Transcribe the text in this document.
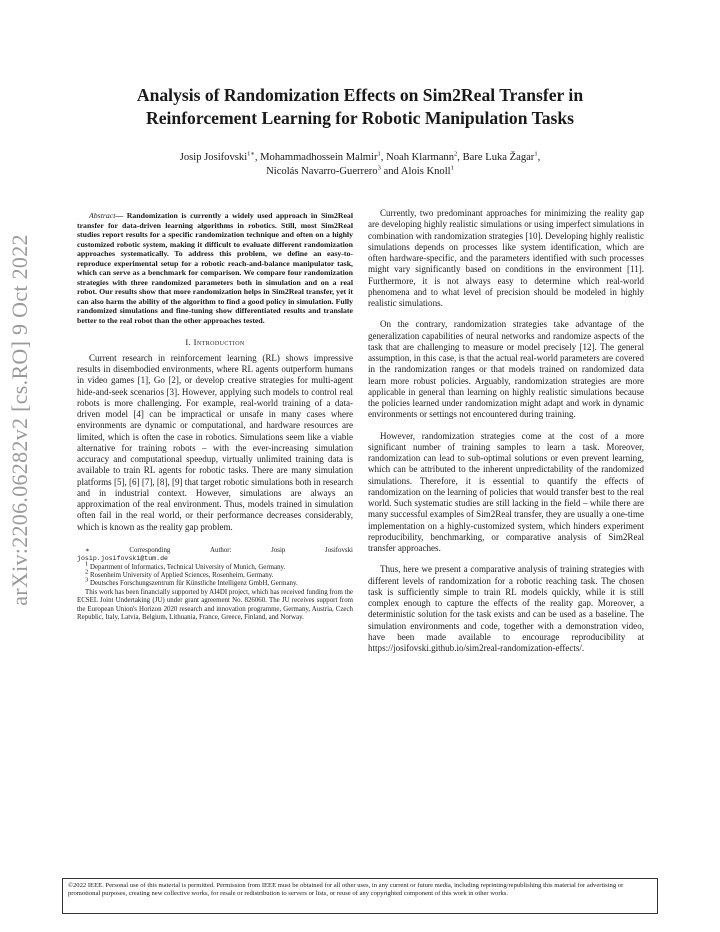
arXiv:2206.06282v2 [cs.RO] 9 Oct 2022
Analysis of Randomization Effects on Sim2Real Transfer in
Reinforcement Learning for Robotic Manipulation Tasks
Josip Josifovski$^{1∗}$, Mohammadhossein Malmir$^1$, Noah Klarmann$^2$, Bare Luka Žagar$^1$,
Nicolás Navarro-Guerrero$^3$ and Alois Knoll$^1$

Abstract— Randomization is currently a widely used approach in Sim2Real transfer for data-driven learning algorithms in robotics. Still, most Sim2Real studies report results for a specific randomization technique and often on a highly customized robotic system, making it difficult to evaluate different randomization approaches systematically. To address this problem, we define an easy-to-reproduce experimental setup for a robotic reach-and-balance manipulator task, which can serve as a benchmark for comparison. We compare four randomization strategies with three randomized parameters both in simulation and on a real robot. Our results show that more randomization helps in Sim2Real transfer, yet it can also harm the ability of the algorithm to find a good policy in simulation. Fully randomized simulations and fine-tuning show differentiated results and translate better to the real robot than the other approaches tested.

I. Introduction

Current research in reinforcement learning (RL) shows impressive results in disembodied environments, where RL agents outperform humans in video games [1], Go [2], or develop creative strategies for multi-agent hide-and-seek scenarios [3]. However, applying such models to control real robots is more challenging. For example, real-world training of a data-driven model [4] can be impractical or unsafe in many cases where environments are dynamic or computational, and hardware resources are limited, which is often the case in robotics. Simulations seem like a viable alternative for training robots – with the ever-increasing simulation accuracy and computational speedup, virtually unlimited training data is available to train RL agents for robotic tasks. There are many simulation platforms [5], [6] [7], [8], [9] that target robotic simulations both in research and in industrial context. However, simulations are always an approximation of the real environment. Thus, models trained in simulation often fail in the real world, or their performance decreases considerably, which is known as the reality gap problem.

∗	Corresponding	Author:	Josip	Josifovski

josip.josifovski@tum.de

$^1$ Department of Informatics, Technical University of Munich, Germany.

$^2$ Rosenheim University of Applied Sciences, Rosenheim, Germany.

$^3$ Deutsches Forschungszentrum für Künstliche Intelligenz GmbH, Germany.

This work has been financially supported by AI4DI project, which has received funding from the ECSEL Joint Undertaking (JU) under grant agreement No. 826060. The JU receives support from the European Union's Horizon 2020 research and innovation programme, Germany, Austria, Czech Republic, Italy, Latvia, Belgium, Lithuania, France, Greece, Finland, and Norway.

Currently, two predominant approaches for minimizing the reality gap are developing highly realistic simulations or using imperfect simulations in combination with randomization strategies [10]. Developing highly realistic simulations depends on processes like system identification, which are often hardware-specific, and the parameters identified with such processes might vary significantly based on conditions in the environment [11]. Furthermore, it is not always easy to determine which real-world phenomena and to what level of precision should be modeled in highly realistic simulations.

On the contrary, randomization strategies take advantage of the generalization capabilities of neural networks and randomize aspects of the task that are challenging to measure or model precisely [12]. The general assumption, in this case, is that the actual real-world parameters are covered in the randomization ranges or that models trained on randomized data learn more robust policies. Arguably, randomization strategies are more applicable in general than learning on highly realistic simulations because the policies learned under randomization might adapt and work in dynamic environments or settings not encountered during training.

However, randomization strategies come at the cost of a more significant number of training samples to learn a task. Moreover, randomization can lead to sub-optimal solutions or even prevent learning, which can be attributed to the inherent unpredictability of the randomized simulations. Therefore, it is essential to quantify the effects of randomization on the learning of policies that would transfer best to the real world. Such systematic studies are still lacking in the field – while there are many successful examples of Sim2Real transfer, they are usually a one-time implementation on a highly-customized system, which hinders experiment reproducibility, benchmarking, or comparative analysis of Sim2Real transfer approaches.

Thus, here we present a comparative analysis of training strategies with different levels of randomization for a robotic reaching task. The chosen task is sufficiently simple to train RL models quickly, while it is still complex enough to capture the effects of the reality gap. Moreover, a deterministic solution for the task exists and can be used as a baseline. The simulation environments and code, together with a demonstration video, have been made available to encourage reproducibility at https://josifovski.github.io/sim2real-randomization-effects/.

©2022 IEEE. Personal use of this material is permitted. Permission from IEEE must be obtained for all other uses, in any current or future media, including reprinting/republishing this material for advertising or promotional purposes, creating new collective works, for resale or redistribution to servers or lists, or reuse of any copyrighted component of this work in other works.
